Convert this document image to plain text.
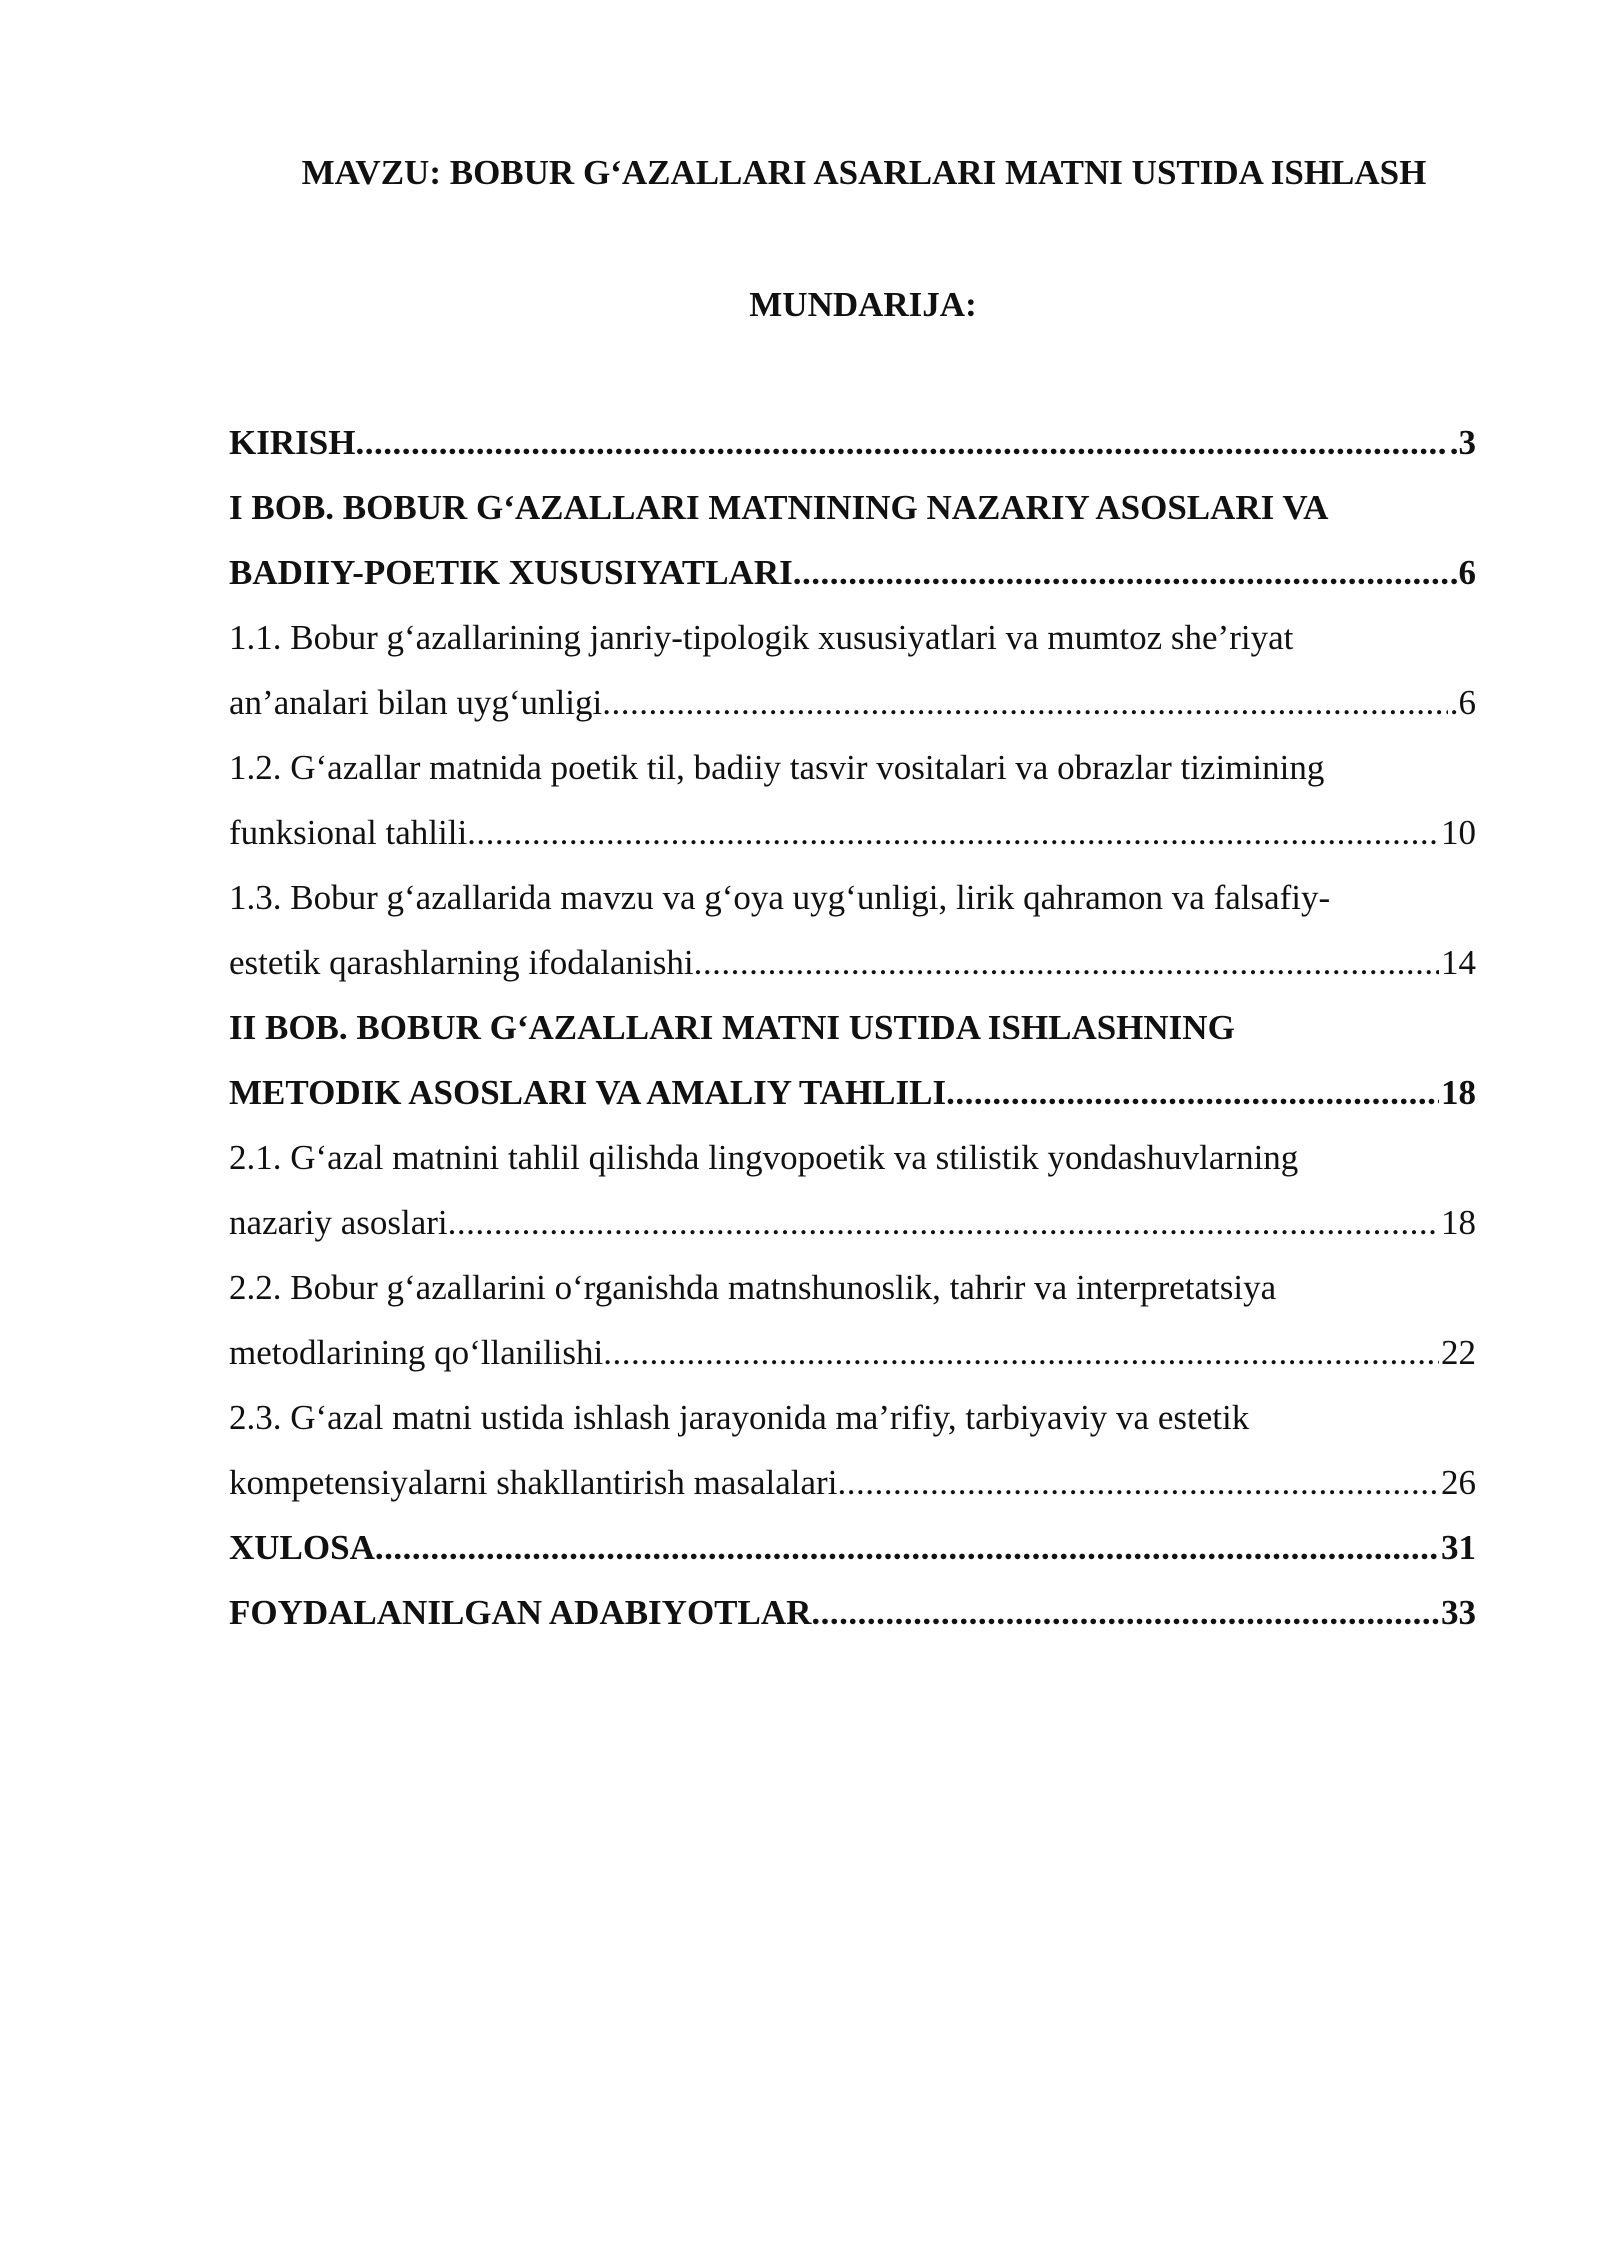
MAVZU: BOBUR G‘AZALLARI ASARLARI MATNI USTIDA ISHLASH
MUNDARIJA:
KIRISH .....	.3
I BOB. BOBUR G‘AZALLARI MATNINING NAZARIY ASOSLARI VA
BADIIY-POETIK XUSUSIYATLARI .....	.6
1.1. Bobur g‘azallarining janriy-tipologik xususiyatlari va mumtoz she’riyat
an’analari bilan uyg‘unligi .....	.6
1.2. G‘azallar matnida poetik til, badiiy tasvir vositalari va obrazlar tizimining
funksional tahlili .....	10
1.3. Bobur g‘azallarida mavzu va g‘oya uyg‘unligi, lirik qahramon va falsafiy-
estetik qarashlarning ifodalanishi .....	14
II BOB. BOBUR G‘AZALLARI MATNI USTIDA ISHLASHNING
METODIK ASOSLARI VA AMALIY TAHLILI .....	18
2.1. G‘azal matnini tahlil qilishda lingvopoetik va stilistik yondashuvlarning
nazariy asoslari .....	18
2.2. Bobur g‘azallarini o‘rganishda matnshunoslik, tahrir va interpretatsiya
metodlarining qo‘llanilishi .....	22
2.3. G‘azal matni ustida ishlash jarayonida ma’rifiy, tarbiyaviy va estetik
kompetensiyalarni shakllantirish masalalari .....	26
XULOSA .....	31
FOYDALANILGAN ADABIYOTLAR .....	33
